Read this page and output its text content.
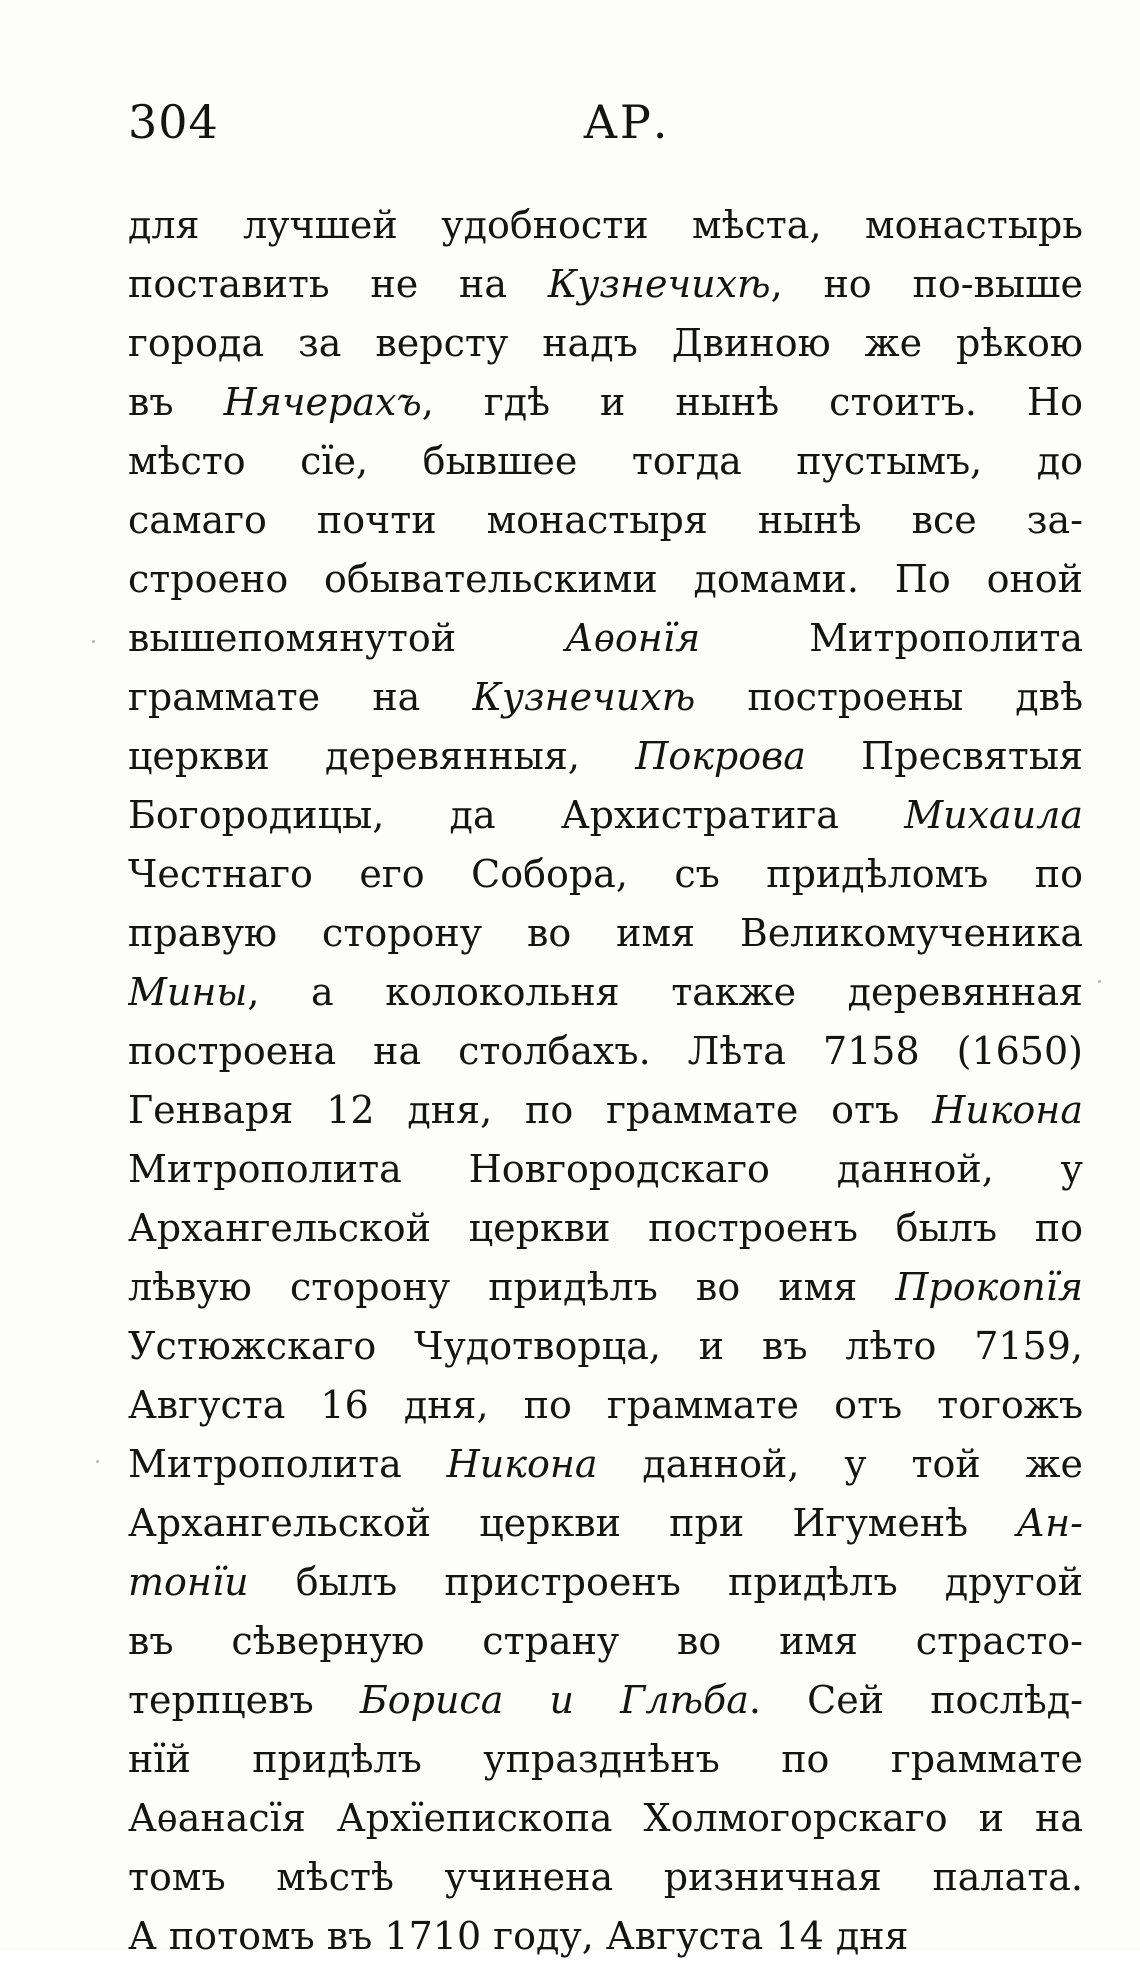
304	АР.
для лучшей удобности мѣста, монастырь
поставить не на Кузнечихѣ, но по-выше
города за версту надъ Двиною же рѣкою
въ Нячерахъ, гдѣ и нынѣ стоитъ. Но
мѣсто сїе, бывшее тогда пустымъ, до
самаго почти монастыря нынѣ все за-
строено обывательскими домами. По оной
вышепомянутой Аѳонїя Митрополита
граммате на Кузнечихѣ построены двѣ
церкви деревянныя, Покрова Пресвятыя
Богородицы, да Архистратига Михаила
Честнаго его Собора, съ придѣломъ по
правую сторону во имя Великомученика
Мины, а колокольня также деревянная
построена на столбахъ. Лѣта 7158 (1650)
Генваря 12 дня, по граммате отъ Никона
Митрополита Новгородскаго данной, у
Архангельской церкви построенъ былъ по
лѣвую сторону придѣлъ во имя Прокопїя
Устюжскаго Чудотворца, и въ лѣто 7159,
Августа 16 дня, по граммате отъ тогожъ
Митрополита Никона данной, у той же
Архангельской церкви при Игуменѣ Ан-
тонїи былъ пристроенъ придѣлъ другой
въ сѣверную страну во имя страсто-
терпцевъ Бориса и Глѣба. Сей послѣд-
нїй придѣлъ упразднѣнъ по граммате
Аѳанасїя Архїепископа Холмогорскаго и на
томъ мѣстѣ учинена ризничная палата.
А потомъ въ 1710 году, Августа 14 дня
